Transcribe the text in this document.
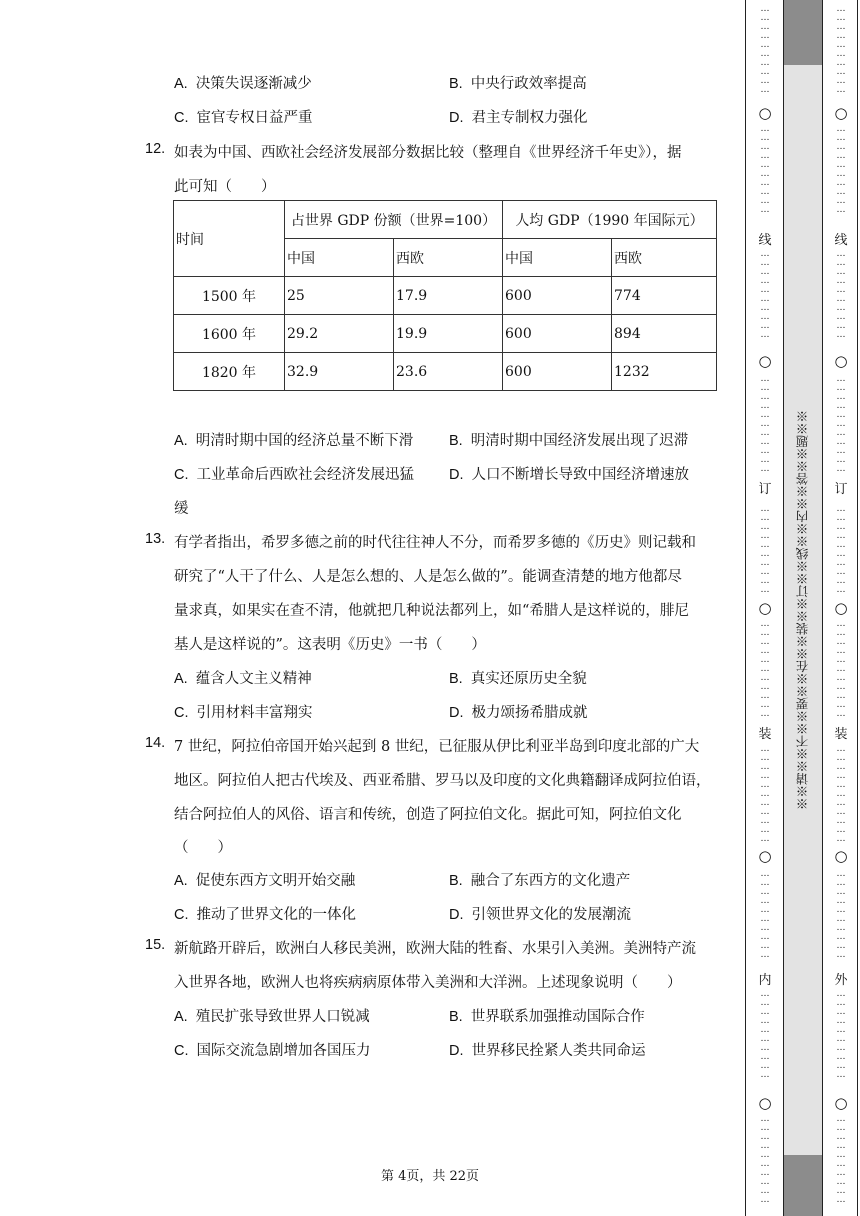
A. 决策失误逐渐减少	B. 中央行政效率提高
C. 宦官专权日益严重	D. 君主专制权力强化
12. 如表为中国、西欧社会经济发展部分数据比较（整理自《世界经济千年史》），据
此可知（　　）
时间	占世界 GDP 份额（世界=100）		人均 GDP（1990 年国际元）	
	中国	西欧	中国	西欧
1500 年	25	17.9	600	774
1600 年	29.2	19.9	600	894
1820 年	32.9	23.6	600	1232
A. 明清时期中国的经济总量不断下滑 B. 明清时期中国经济发展出现了迟滞
C. 工业革命后西欧社会经济发展迅猛 D. 人口不断增长导致中国经济增速放
缓
13. 有学者指出，希罗多德之前的时代往往神人不分，而希罗多德的《历史》则记载和
研究了“人干了什么、人是怎么想的、人是怎么做的”。能调查清楚的地方他都尽
量求真，如果实在查不清，他就把几种说法都列上，如“希腊人是这样说的，腓尼
基人是这样说的”。这表明《历史》一书（　　）
A. 蕴含人文主义精神	B. 真实还原历史全貌
C. 引用材料丰富翔实	D. 极力颂扬希腊成就
14. 7 世纪，阿拉伯帝国开始兴起到 8 世纪，已征服从伊比利亚半岛到印度北部的广大
地区。阿拉伯人把古代埃及、西亚希腊、罗马以及印度的文化典籍翻译成阿拉伯语，
结合阿拉伯人的风俗、语言和传统，创造了阿拉伯文化。据此可知，阿拉伯文化
（　　）
A. 促使东西方文明开始交融	B. 融合了东西方的文化遗产
C. 推动了世界文化的一体化	D. 引领世界文化的发展潮流
15. 新航路开辟后，欧洲白人移民美洲，欧洲大陆的牲畜、水果引入美洲。美洲特产流
入世界各地，欧洲人也将疾病病原体带入美洲和大洋洲。上述现象说明（　　）
A. 殖民扩张导致世界人口锐减	B. 世界联系加强推动国际合作
C. 国际交流急剧增加各国压力	D. 世界移民拴紧人类共同命运
第 4页，共 22页
※※请※※不※※要※※在※※装※※订※※线※※内※※答※※题※※
…
…
…
…
…
…
…
…
…
…
…
…
…
…
…
…
…
…
…
…
…
…
…
…
…
…
…
…
…
…
…
…
…
…
…
…
…
…
…
…
…
…
…
…
…
…
…
…
…
…
…
…
…
…
…
…
…
…
…
…
…
…
…
…
…
…
…
…
…
…
…
…
…
…
…
…
…
…
…
…
…
…
…
…
…
…
…
…
…
…
…
…
…
…
…
…
…
…
…
…
…
…
…
…
…
…
…
…
…
…
…
…
…
…
…
…
…
…
…
…
…
…
…
…
…
…
…
…
…
…
…
…
…
…
…
…
…
…
…
…
…
…
…
…
…
…
…
…
…
…
…
…
…
…
…
…
…
…
…
…
…
…
…
…
…
…
…
…
…
…
…
…
…
…
…
…
…
…
…
…
…
…
…
…
…
…
…
…
…
…
…
…
…
…
…
…
…
…
…
…
…
…
…
…
…
…
○
○
○
○
○
○
○
○
○
○
线
订
装
内
线
订
装
外
